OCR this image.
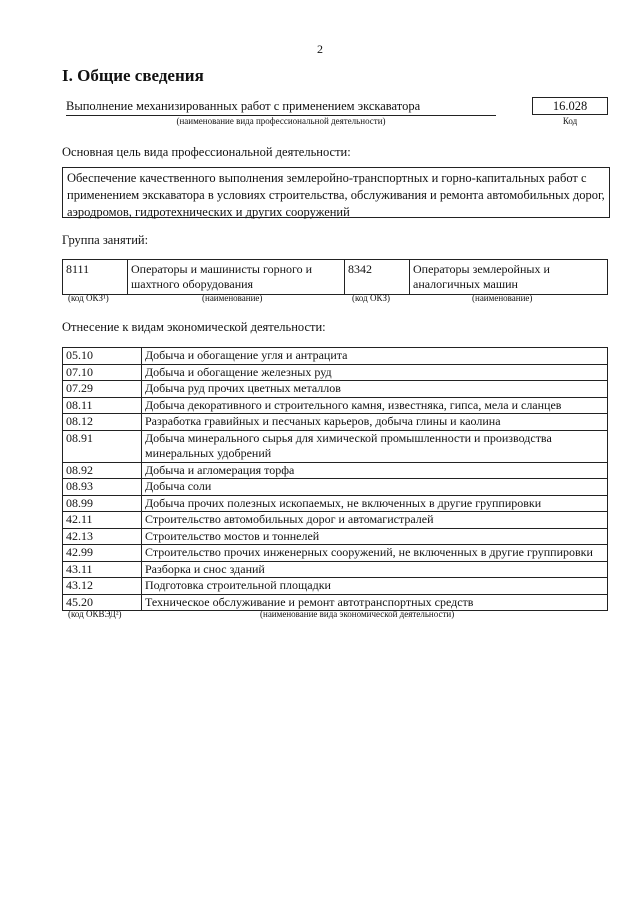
2
I. Общие сведения
Выполнение механизированных работ с применением экскаватора
(наименование вида профессиональной деятельности)
16.028
Код
Основная цель вида профессиональной деятельности:
Обеспечение качественного выполнения землеройно-транспортных и горно-капитальных работ с применением экскаватора в условиях строительства, обслуживания и ремонта автомобильных дорог, аэродромов, гидротехнических и других сооружений
Группа занятий:
8111	Операторы и машинисты горного и шахтного оборудования	8342	Операторы землеройных и аналогичных машин
(код ОКЗ¹)	(наименование)	(код ОКЗ)	(наименование)
Отнесение к видам экономической деятельности:
05.10	Добыча и обогащение угля и антрацита
07.10	Добыча и обогащение железных руд
07.29	Добыча руд прочих цветных металлов
08.11	Добыча декоративного и строительного камня, известняка, гипса, мела и сланцев
08.12	Разработка гравийных и песчаных карьеров, добыча глины и каолина
08.91	Добыча минерального сырья для химической промышленности и производства минеральных удобрений
08.92	Добыча и агломерация торфа
08.93	Добыча соли
08.99	Добыча прочих полезных ископаемых, не включенных в другие группировки
42.11	Строительство автомобильных дорог и автомагистралей
42.13	Строительство мостов и тоннелей
42.99	Строительство прочих инженерных сооружений, не включенных в другие группировки
43.11	Разборка и снос зданий
43.12	Подготовка строительной площадки
45.20	Техническое обслуживание и ремонт автотранспортных средств
(код ОКВЭД²)	(наименование вида экономической деятельности)
